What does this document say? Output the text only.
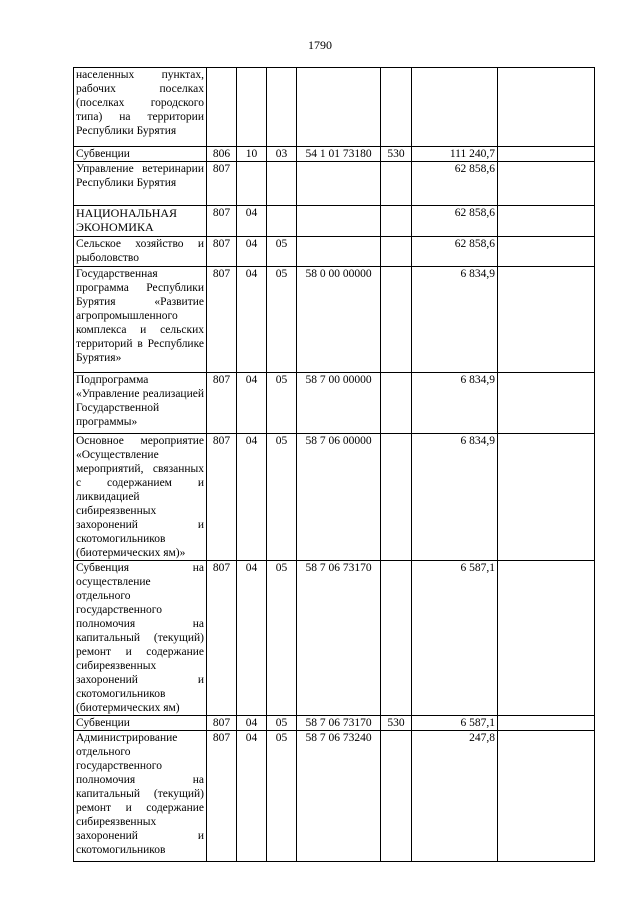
1790
населенных пунктах, рабочих поселках (поселках городского типа) на территории Республики Бурятия							
Субвенции	806	10	03	54 1 01 73180	530	111 240,7	
Управление ветеринарии Республики Бурятия	807					62 858,6	
НАЦИОНАЛЬНАЯ ЭКОНОМИКА	807	04				62 858,6	
Сельское хозяйство и рыболовство	807	04	05			62 858,6	
Государственная программа Республики Бурятия «Развитие агропромышленного комплекса и сельских территорий в Республике Бурятия»	807	04	05	58 0 00 00000		6 834,9	
Подпрограмма «Управление реализацией Государственной программы»	807	04	05	58 7 00 00000		6 834,9	
Основное мероприятие «Осуществление мероприятий, связанных с содержанием и ликвидацией сибиреязвенных захоронений и скотомогильников (биотермических ям)»	807	04	05	58 7 06 00000		6 834,9	
Субвенция на осуществление отдельного государственного полномочия на капитальный (текущий) ремонт и содержание сибиреязвенных захоронений и скотомогильников (биотермических ям)	807	04	05	58 7 06 73170		6 587,1	
Субвенции	807	04	05	58 7 06 73170	530	6 587,1	
Администрирование отдельного государственного полномочия на капитальный (текущий) ремонт и содержание сибиреязвенных захоронений и скотомогильников	807	04	05	58 7 06 73240		247,8	
